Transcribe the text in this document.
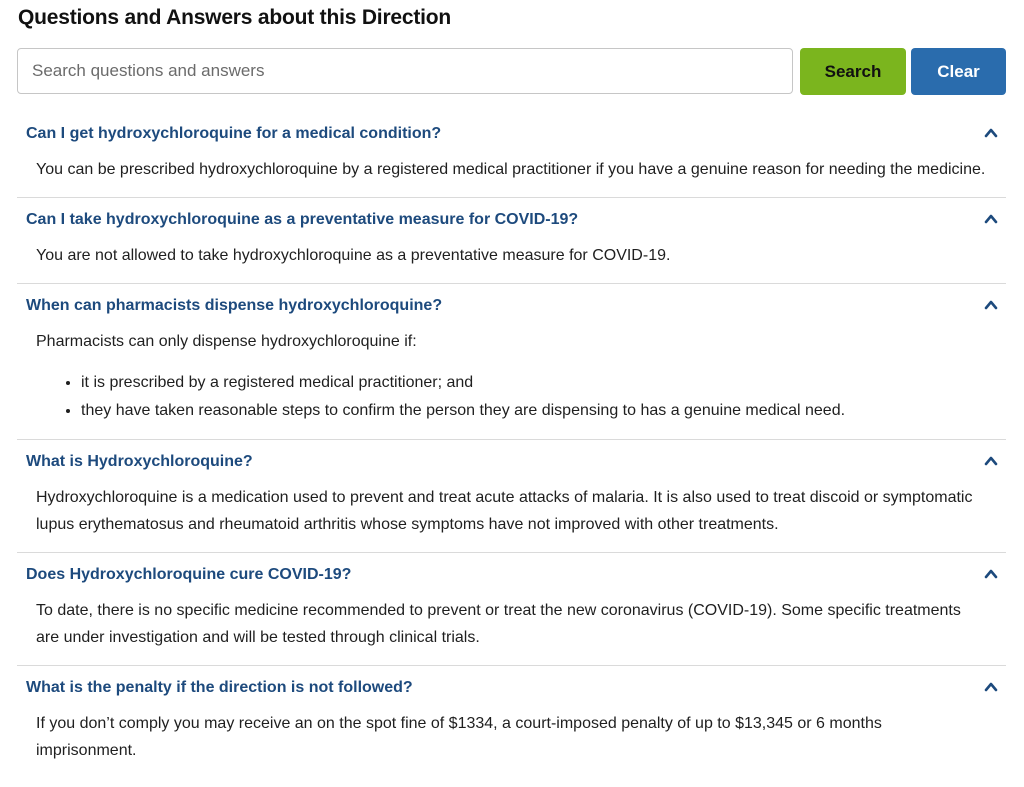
Questions and Answers about this Direction
Search questions and answers
Search	Clear
Can I get hydroxychloroquine for a medical condition?

You can be prescribed hydroxychloroquine by a registered medical practitioner if you have a genuine reason for needing the medicine.

Can I take hydroxychloroquine as a preventative measure for COVID-19?

You are not allowed to take hydroxychloroquine as a preventative measure for COVID-19.

When can pharmacists dispense hydroxychloroquine?

Pharmacists can only dispense hydroxychloroquine if:

• it is prescribed by a registered medical practitioner; and
• they have taken reasonable steps to confirm the person they are dispensing to has a genuine medical need.
What is Hydroxychloroquine?

Hydroxychloroquine is a medication used to prevent and treat acute attacks of malaria. It is also used to treat discoid or symptomatic lupus erythematosus and rheumatoid arthritis whose symptoms have not improved with other treatments.

Does Hydroxychloroquine cure COVID-19?

To date, there is no specific medicine recommended to prevent or treat the new coronavirus (COVID-19). Some specific treatments are under investigation and will be tested through clinical trials.

What is the penalty if the direction is not followed?

If you don’t comply you may receive an on the spot fine of $1334, a court-imposed penalty of up to $13,345 or 6 months imprisonment.
